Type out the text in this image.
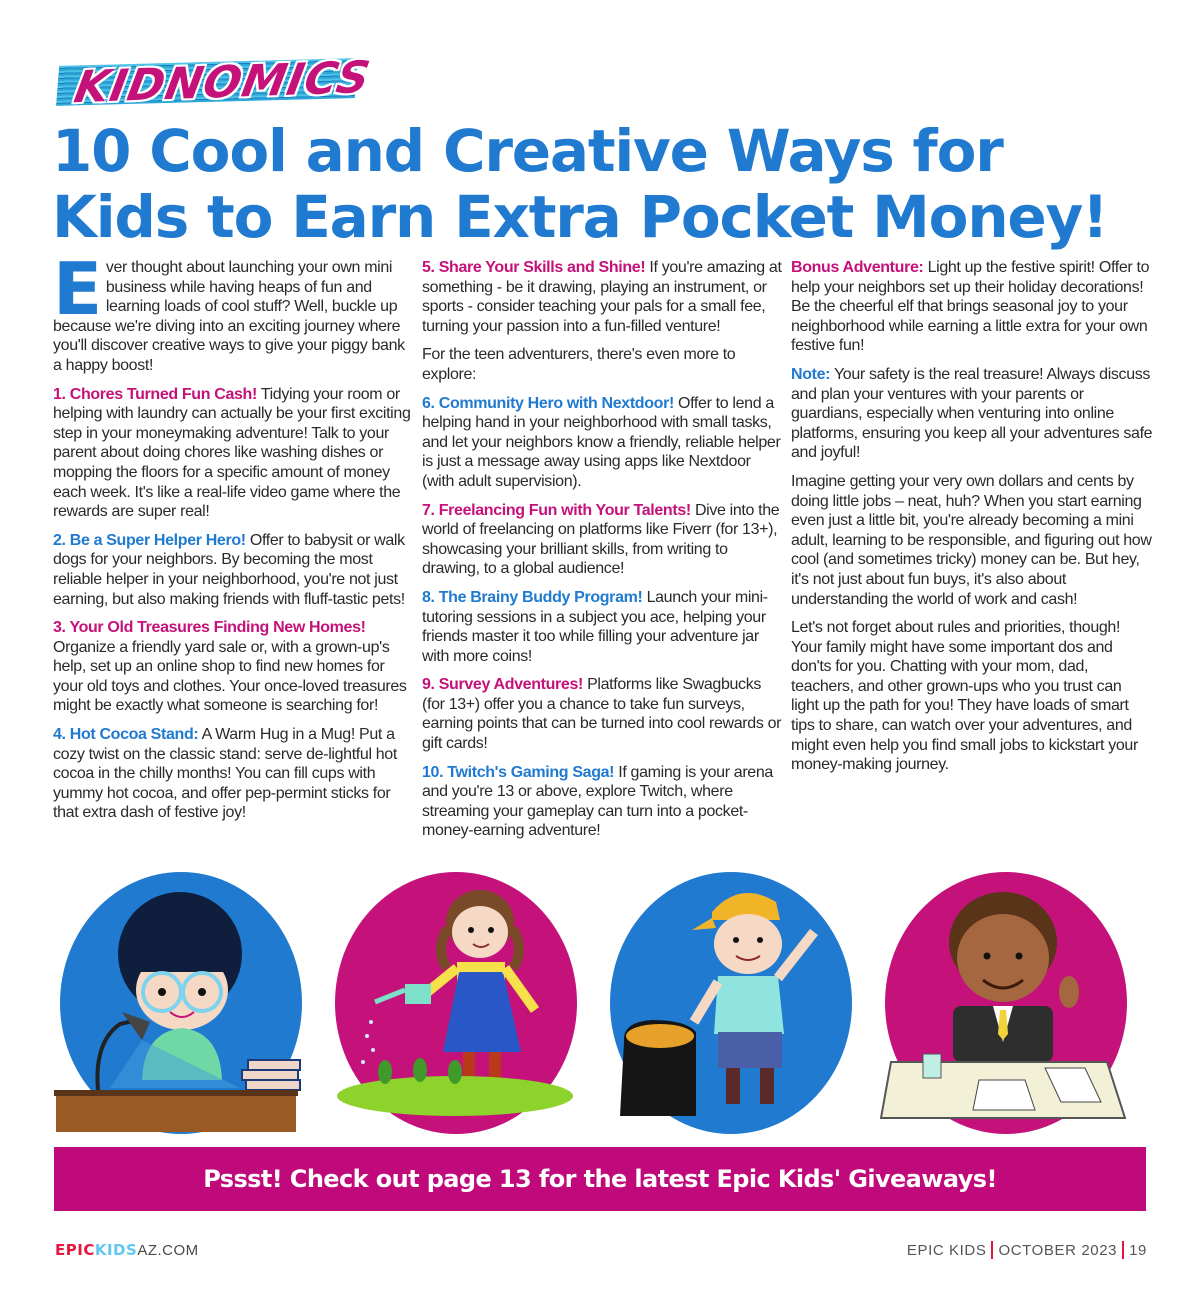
KIDNOMICS
10 Cool and Creative Ways for
Kids to Earn Extra Pocket Money!

Ever thought about launching your own mini business while having heaps of fun and learning loads of cool stuff? Well, buckle up because we're diving into an exciting journey where you'll discover creative ways to give your piggy bank a happy boost!

1. Chores Turned Fun Cash! Tidying your room or helping with laundry can actually be your first exciting step in your moneymaking adventure! Talk to your parent about doing chores like washing dishes or mopping the floors for a specific amount of money each week. It's like a real-life video game where the rewards are super real!

2. Be a Super Helper Hero! Offer to babysit or walk dogs for your neighbors. By becoming the most reliable helper in your neighborhood, you're not just earning, but also making friends with fluff-tastic pets!

3. Your Old Treasures Finding New Homes! Organize a friendly yard sale or, with a grown-up's help, set up an online shop to find new homes for your old toys and clothes. Your once-loved treasures might be exactly what someone is searching for!

4. Hot Cocoa Stand: A Warm Hug in a Mug! Put a cozy twist on the classic stand: serve de-lightful hot cocoa in the chilly months! You can fill cups with yummy hot cocoa, and offer pep-permint sticks for that extra dash of festive joy!

5. Share Your Skills and Shine! If you're amazing at something - be it drawing, playing an instrument, or sports - consider teaching your pals for a small fee, turning your passion into a fun-filled venture!

For the teen adventurers, there's even more to explore:

6. Community Hero with Nextdoor! Offer to lend a helping hand in your neighborhood with small tasks, and let your neighbors know a friendly, reliable helper is just a message away using apps like Nextdoor (with adult supervision).

7. Freelancing Fun with Your Talents! Dive into the world of freelancing on platforms like Fiverr (for 13+), showcasing your brilliant skills, from writing to drawing, to a global audience!

8. The Brainy Buddy Program! Launch your mini-tutoring sessions in a subject you ace, helping your friends master it too while filling your adventure jar with more coins!

9. Survey Adventures! Platforms like Swagbucks (for 13+) offer you a chance to take fun surveys, earning points that can be turned into cool rewards or gift cards!

10. Twitch's Gaming Saga! If gaming is your arena and you're 13 or above, explore Twitch, where streaming your gameplay can turn into a pocket-money-earning adventure!

Bonus Adventure: Light up the festive spirit! Offer to help your neighbors set up their holiday decorations! Be the cheerful elf that brings seasonal joy to your neighborhood while earning a little extra for your own festive fun!

Note: Your safety is the real treasure! Always discuss and plan your ventures with your parents or guardians, especially when venturing into online platforms, ensuring you keep all your adventures safe and joyful!

Imagine getting your very own dollars and cents by doing little jobs – neat, huh? When you start earning even just a little bit, you're already becoming a mini adult, learning to be responsible, and figuring out how cool (and sometimes tricky) money can be. But hey, it's not just about fun buys, it's also about understanding the world of work and cash!

Let's not forget about rules and priorities, though! Your family might have some important dos and don'ts for you. Chatting with your mom, dad, teachers, and other grown-ups who you trust can light up the path for you! They have loads of smart tips to share, can watch over your adventures, and might even help you find small jobs to kickstart your money-making journey.

Pssst! Check out page 13 for the latest Epic Kids' Giveaways!
EPICKIDSAZ.COM	EPIC KIDS OCTOBER 2023 19
